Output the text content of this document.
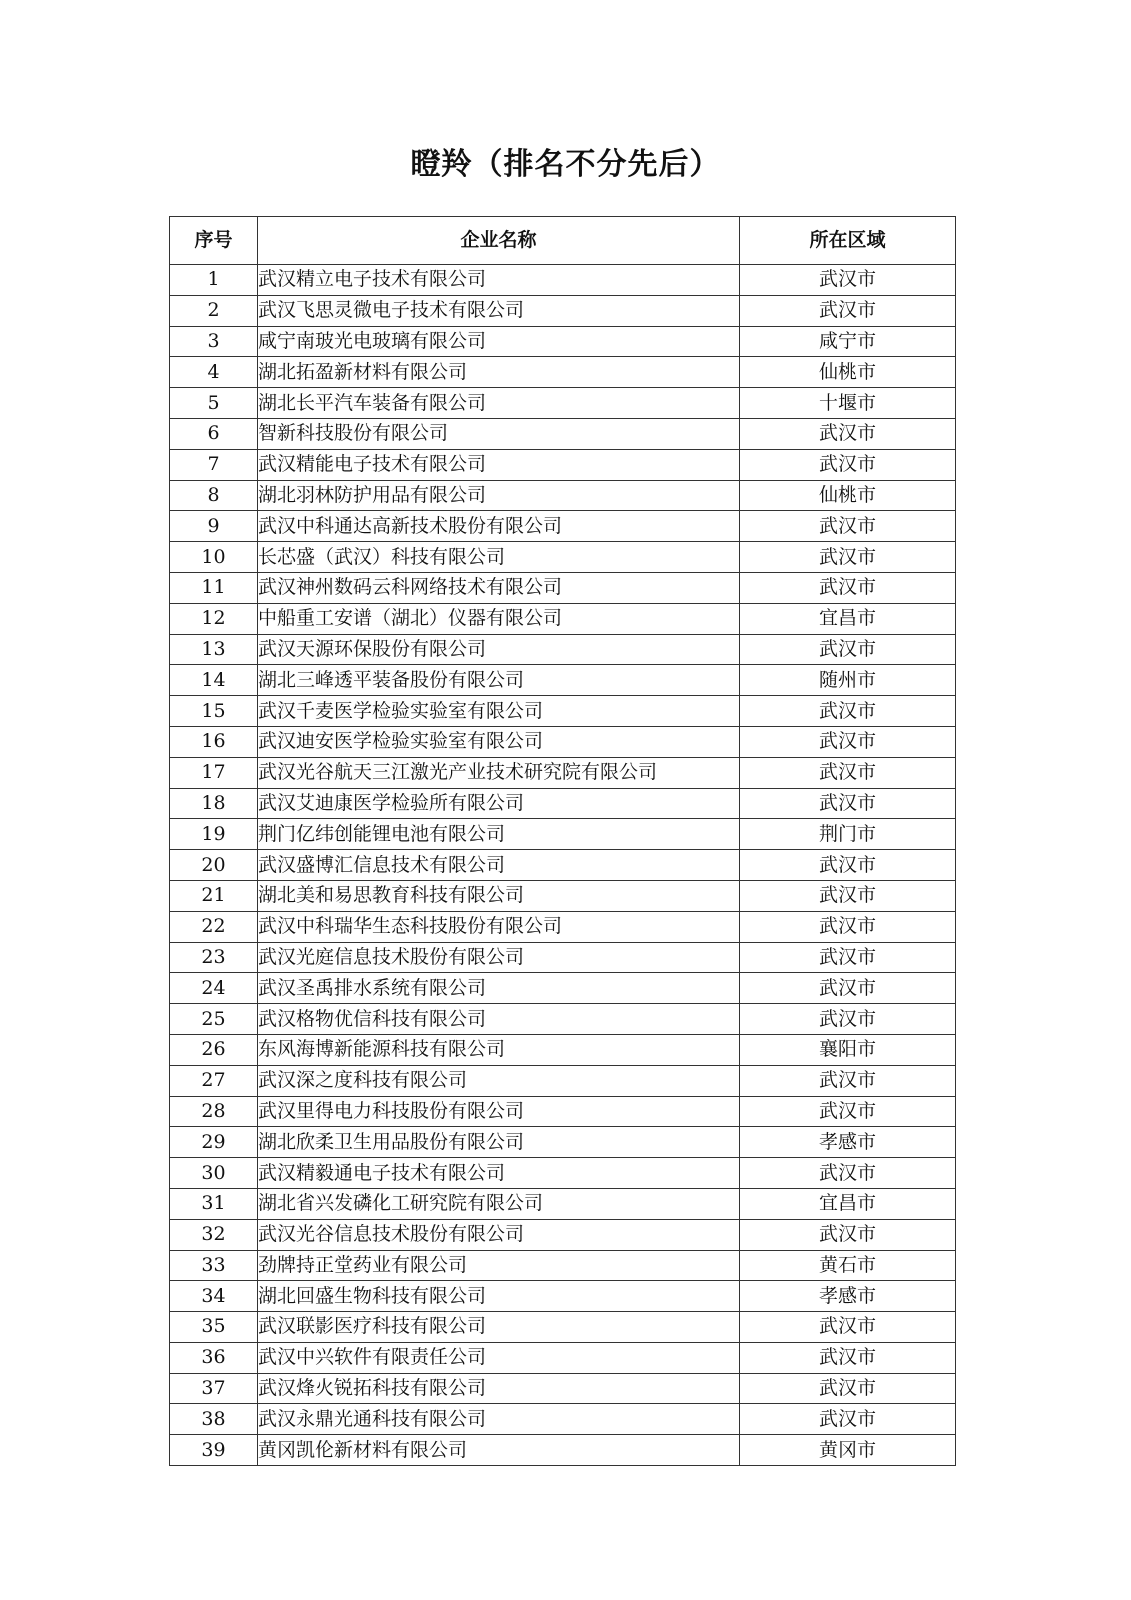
瞪羚（排名不分先后）
序号	企业名称	所在区域
1	武汉精立电子技术有限公司	武汉市
2	武汉飞思灵微电子技术有限公司	武汉市
3	咸宁南玻光电玻璃有限公司	咸宁市
4	湖北拓盈新材料有限公司	仙桃市
5	湖北长平汽车装备有限公司	十堰市
6	智新科技股份有限公司	武汉市
7	武汉精能电子技术有限公司	武汉市
8	湖北羽林防护用品有限公司	仙桃市
9	武汉中科通达高新技术股份有限公司	武汉市
10	长芯盛（武汉）科技有限公司	武汉市
11	武汉神州数码云科网络技术有限公司	武汉市
12	中船重工安谱（湖北）仪器有限公司	宜昌市
13	武汉天源环保股份有限公司	武汉市
14	湖北三峰透平装备股份有限公司	随州市
15	武汉千麦医学检验实验室有限公司	武汉市
16	武汉迪安医学检验实验室有限公司	武汉市
17	武汉光谷航天三江激光产业技术研究院有限公司	武汉市
18	武汉艾迪康医学检验所有限公司	武汉市
19	荆门亿纬创能锂电池有限公司	荆门市
20	武汉盛博汇信息技术有限公司	武汉市
21	湖北美和易思教育科技有限公司	武汉市
22	武汉中科瑞华生态科技股份有限公司	武汉市
23	武汉光庭信息技术股份有限公司	武汉市
24	武汉圣禹排水系统有限公司	武汉市
25	武汉格物优信科技有限公司	武汉市
26	东风海博新能源科技有限公司	襄阳市
27	武汉深之度科技有限公司	武汉市
28	武汉里得电力科技股份有限公司	武汉市
29	湖北欣柔卫生用品股份有限公司	孝感市
30	武汉精毅通电子技术有限公司	武汉市
31	湖北省兴发磷化工研究院有限公司	宜昌市
32	武汉光谷信息技术股份有限公司	武汉市
33	劲牌持正堂药业有限公司	黄石市
34	湖北回盛生物科技有限公司	孝感市
35	武汉联影医疗科技有限公司	武汉市
36	武汉中兴软件有限责任公司	武汉市
37	武汉烽火锐拓科技有限公司	武汉市
38	武汉永鼎光通科技有限公司	武汉市
39	黄冈凯伦新材料有限公司	黄冈市
